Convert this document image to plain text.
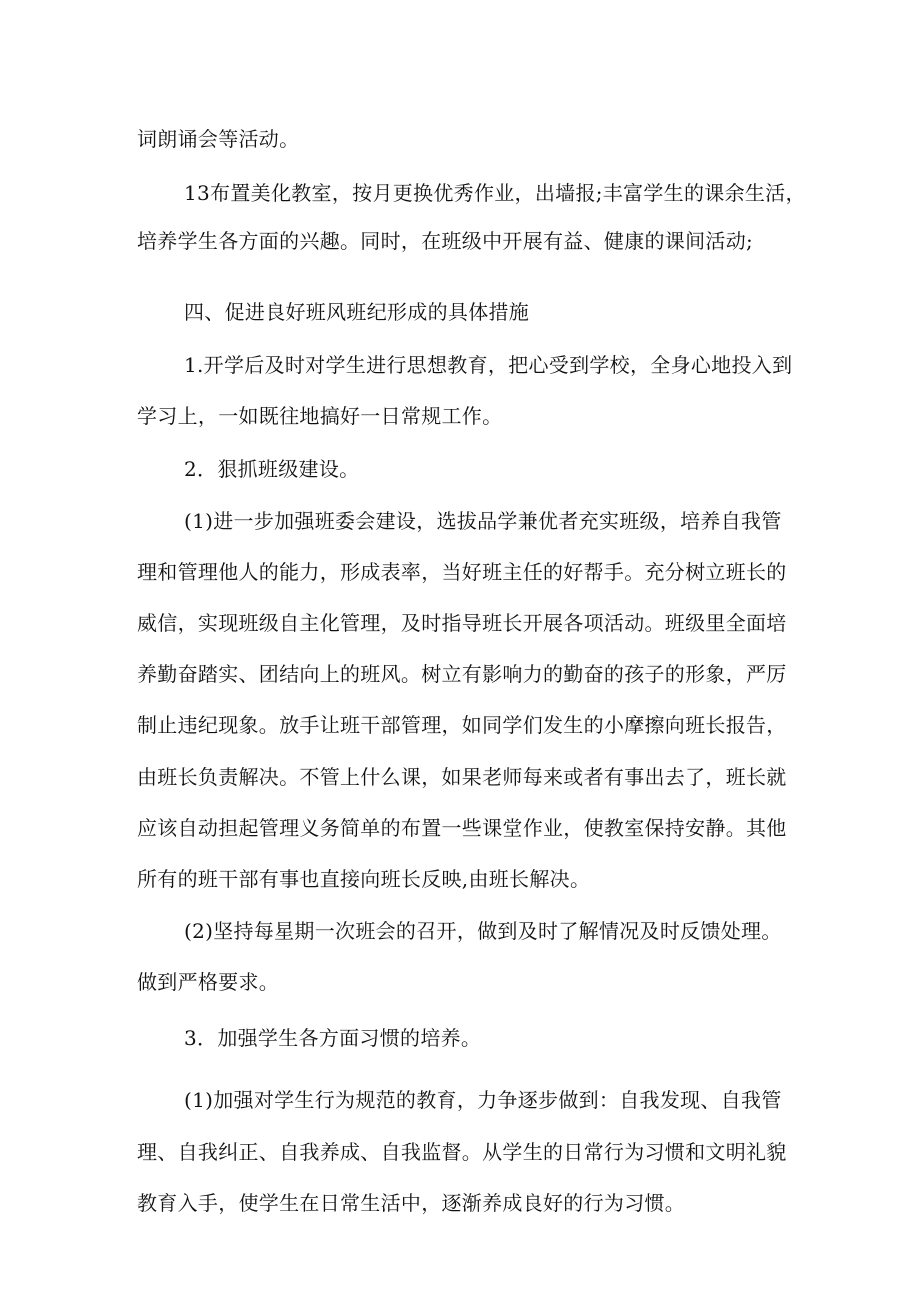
词朗诵会等活动。
13布置美化教室，按月更换优秀作业，出墙报;丰富学生的课余生活，
培养学生各方面的兴趣。同时，在班级中开展有益、健康的课间活动;
四、促进良好班风班纪形成的具体措施
1.开学后及时对学生进行思想教育，把心受到学校，全身心地投入到
学习上，一如既往地搞好一日常规工作。
2．狠抓班级建设。
(1)进一步加强班委会建设，选拔品学兼优者充实班级，培养自我管
理和管理他人的能力，形成表率，当好班主任的好帮手。充分树立班长的
威信，实现班级自主化管理，及时指导班长开展各项活动。班级里全面培
养勤奋踏实、团结向上的班风。树立有影响力的勤奋的孩子的形象，严厉
制止违纪现象。放手让班干部管理，如同学们发生的小摩擦向班长报告，
由班长负责解决。不管上什么课，如果老师每来或者有事出去了，班长就
应该自动担起管理义务简单的布置一些课堂作业，使教室保持安静。其他
所有的班干部有事也直接向班长反映,由班长解决。
(2)坚持每星期一次班会的召开，做到及时了解情况及时反馈处理。
做到严格要求。
3．加强学生各方面习惯的培养。
(1)加强对学生行为规范的教育，力争逐步做到：自我发现、自我管
理、自我纠正、自我养成、自我监督。从学生的日常行为习惯和文明礼貌
教育入手，使学生在日常生活中，逐渐养成良好的行为习惯。
